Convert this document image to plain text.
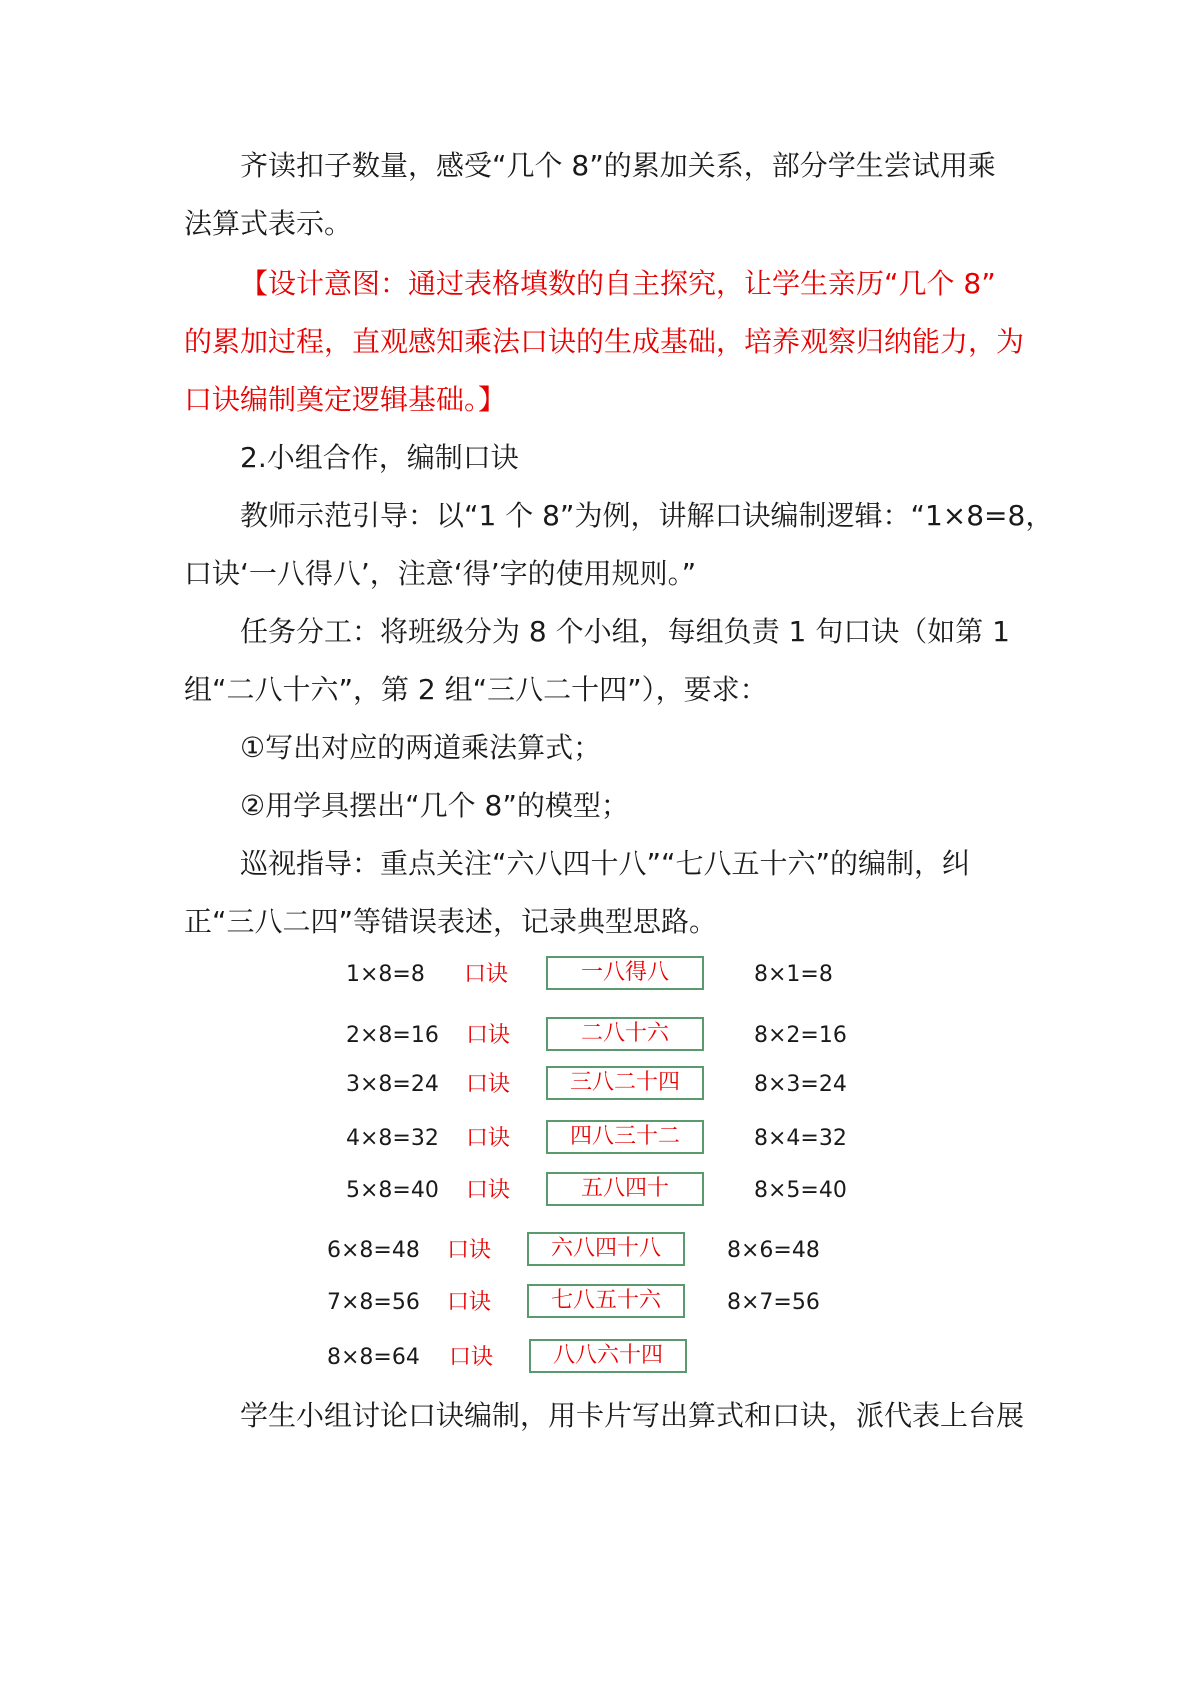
齐读扣子数量，感受“几个 8”的累加关系，部分学生尝试用乘
法算式表示。
【设计意图：通过表格填数的自主探究，让学生亲历“几个 8”
的累加过程，直观感知乘法口诀的生成基础，培养观察归纳能力，为
口诀编制奠定逻辑基础。】
2.小组合作，编制口诀
教师示范引导：以“1 个 8”为例，讲解口诀编制逻辑：“1×8=8，
口诀‘一八得八’，注意‘得’字的使用规则。”
任务分工：将班级分为 8 个小组，每组负责 1 句口诀（如第 1
组“二八十六”，第 2 组“三八二十四”），要求：
①写出对应的两道乘法算式；
②用学具摆出“几个 8”的模型；
巡视指导：重点关注“六八四十八”“七八五十六”的编制，纠
正“三八二四”等错误表述，记录典型思路。
1×8=8 口诀	一八得八	8×1=8
2×8=16 口诀	二八十六	8×2=16
3×8=24 口诀	三八二十四	8×3=24
4×8=32 口诀	四八三十二	8×4=32
5×8=40 口诀	五八四十	8×5=40
6×8=48 口诀	六八四十八	8×6=48
7×8=56 口诀	七八五十六	8×7=56
8×8=64 口诀	八八六十四
学生小组讨论口诀编制，用卡片写出算式和口诀，派代表上台展
